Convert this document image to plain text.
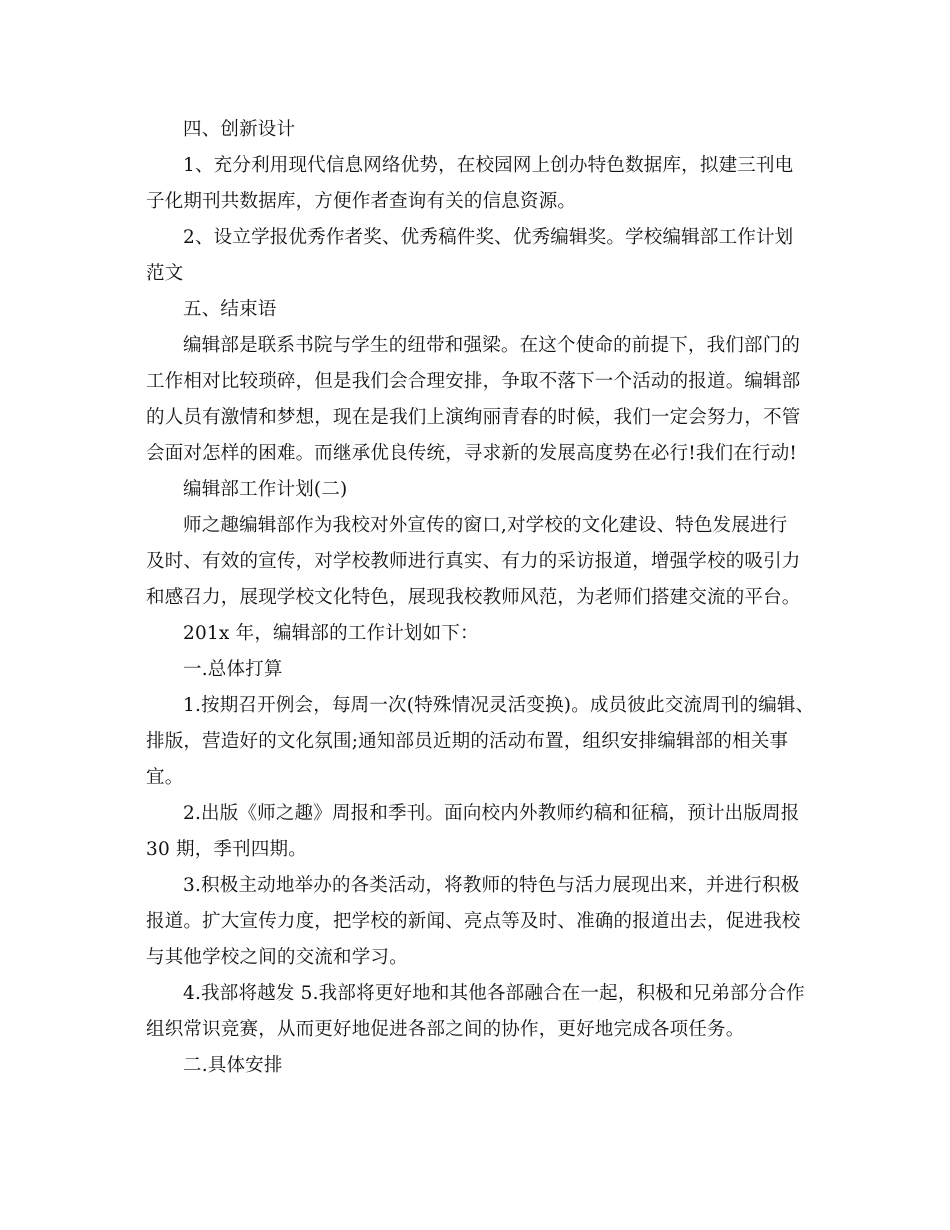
四、创新设计
1、充分利用现代信息网络优势，在校园网上创办特色数据库，拟建三刊电
子化期刊共数据库，方便作者查询有关的信息资源。
2、设立学报优秀作者奖、优秀稿件奖、优秀编辑奖。学校编辑部工作计划
范文
五、结束语
编辑部是联系书院与学生的纽带和强梁。在这个使命的前提下，我们部门的
工作相对比较琐碎，但是我们会合理安排，争取不落下一个活动的报道。编辑部
的人员有激情和梦想，现在是我们上演绚丽青春的时候，我们一定会努力，不管
会面对怎样的困难。而继承优良传统，寻求新的发展高度势在必行!我们在行动!
编辑部工作计划(二)
师之趣编辑部作为我校对外宣传的窗口,对学校的文化建设、特色发展进行
及时、有效的宣传，对学校教师进行真实、有力的采访报道，增强学校的吸引力
和感召力，展现学校文化特色，展现我校教师风范，为老师们搭建交流的平台。
201x 年，编辑部的工作计划如下：
一.总体打算
1.按期召开例会，每周一次(特殊情况灵活变换)。成员彼此交流周刊的编辑、
排版，营造好的文化氛围;通知部员近期的活动布置，组织安排编辑部的相关事
宜。
2.出版《师之趣》周报和季刊。面向校内外教师约稿和征稿，预计出版周报
30 期，季刊四期。
3.积极主动地举办的各类活动，将教师的特色与活力展现出来，并进行积极
报道。扩大宣传力度，把学校的新闻、亮点等及时、准确的报道出去，促进我校
与其他学校之间的交流和学习。
4.我部将越发 5.我部将更好地和其他各部融合在一起，积极和兄弟部分合作
组织常识竞赛，从而更好地促进各部之间的协作，更好地完成各项任务。
二.具体安排
